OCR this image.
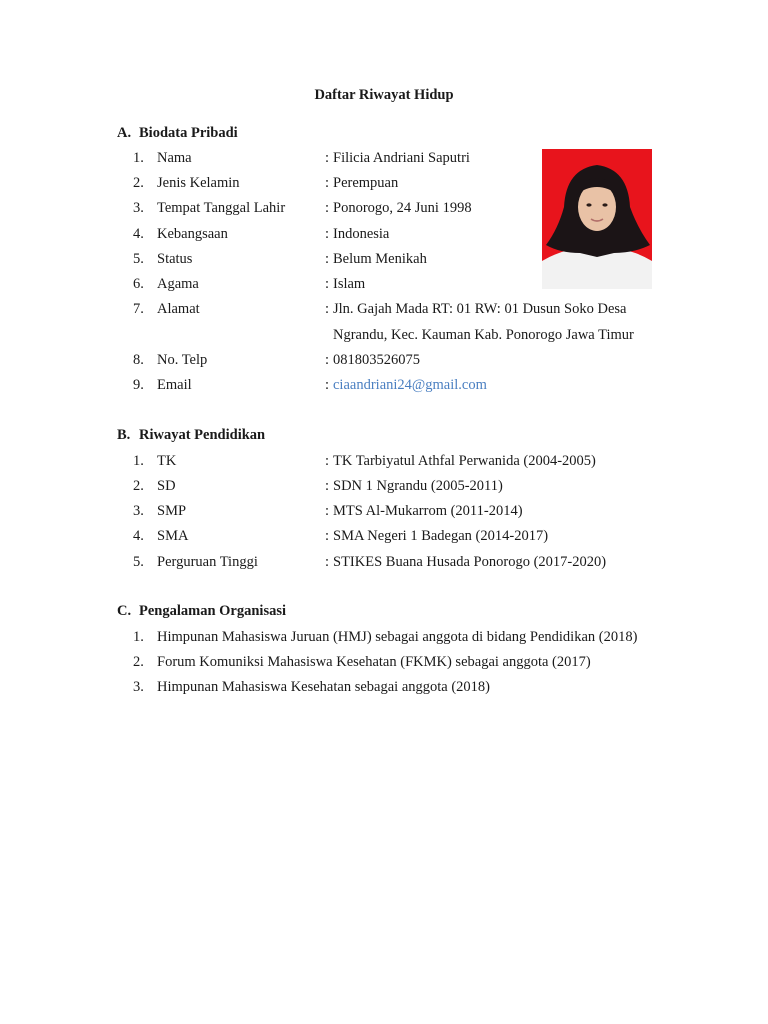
Daftar Riwayat Hidup
A. Biodata Pribadi
1. Nama	: Filicia Andriani Saputri
2. Jenis Kelamin	: Perempuan
3. Tempat Tanggal Lahir	: Ponorogo, 24 Juni 1998
4. Kebangsaan	: Indonesia
5. Status	: Belum Menikah
6. Agama	: Islam
7. Alamat	: Jln. Gajah Mada RT: 01 RW: 01 Dusun Soko Desa
Ngrandu, Kec. Kauman Kab. Ponorogo Jawa Timur
8. No. Telp	: 081803526075
9. Email	: ciaandriani24@gmail.com
B. Riwayat Pendidikan
1. TK	: TK Tarbiyatul Athfal Perwanida (2004-2005)
2. SD	: SDN 1 Ngrandu (2005-2011)
3. SMP	: MTS Al-Mukarrom (2011-2014)
4. SMA	: SMA Negeri 1 Badegan (2014-2017)
5. Perguruan Tinggi	: STIKES Buana Husada Ponorogo (2017-2020)
C. Pengalaman Organisasi
1. Himpunan Mahasiswa Juruan (HMJ) sebagai anggota di bidang Pendidikan (2018)
2. Forum Komuniksi Mahasiswa Kesehatan (FKMK) sebagai anggota (2017)
3. Himpunan Mahasiswa Kesehatan sebagai anggota (2018)
